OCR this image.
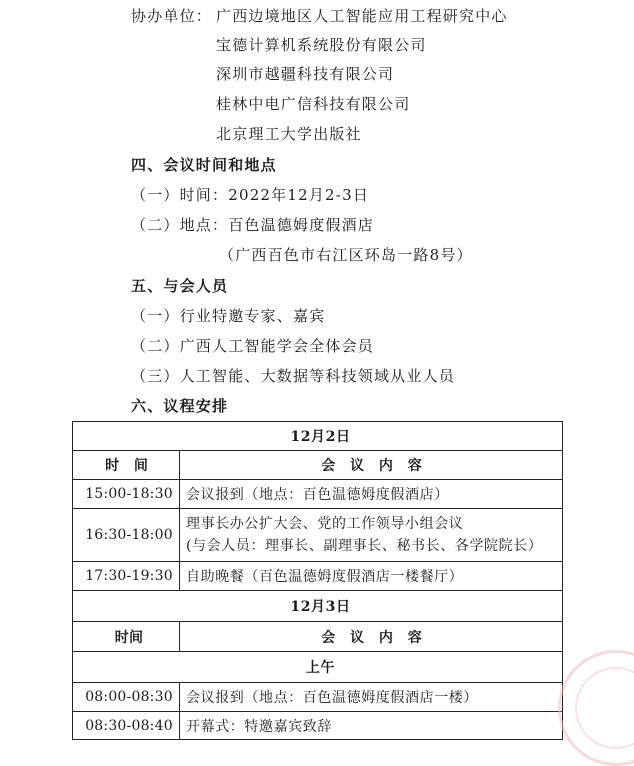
协办单位： 广西边境地区人工智能应用工程研究中心
宝德计算机系统股份有限公司
深圳市越疆科技有限公司
桂林中电广信科技有限公司
北京理工大学出版社
四、会议时间和地点
（一）时间：2022年12月2-3日
（二）地点：百色温德姆度假酒店
（广西百色市右江区环岛一路8号）
五、与会人员
（一）行业特邀专家、嘉宾
（二）广西人工智能学会全体会员
（三）人工智能、大数据等科技领域从业人员
六、议程安排
12月2日	
时 间	会 议 内 容
15:00-18:30	会议报到（地点：百色温德姆度假酒店）
16:30-18:00	理事长办公扩大会、党的工作领导小组会议
(与会人员：理事长、副理事长、秘书长、各学院院长）

17:30-19:30	自助晚餐（百色温德姆度假酒店一楼餐厅）
12月3日	
时间	会 议 内 容
上午	
08:00-08:30	会议报到（地点：百色温德姆度假酒店一楼）
08:30-08:40	开幕式：特邀嘉宾致辞
